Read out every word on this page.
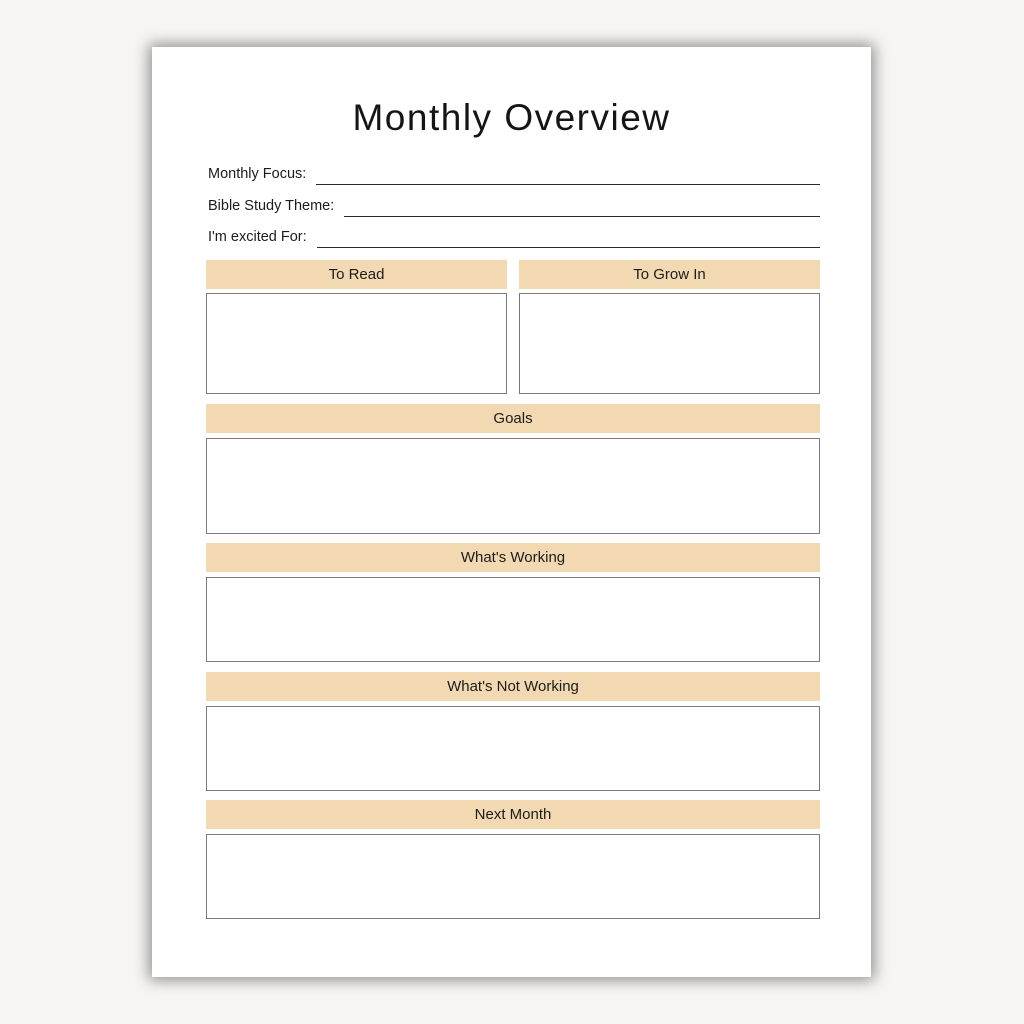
Monthly Overview
Monthly Focus:
Bible Study Theme:
I'm excited For:
To Read	To Grow In
Goals
What's Working
What's Not Working
Next Month
